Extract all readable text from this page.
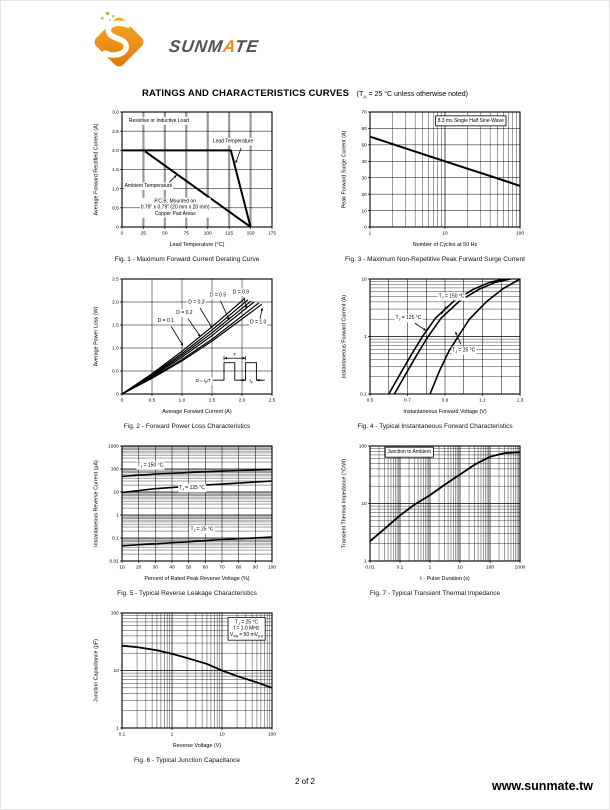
SUNMATE
RATINGS AND CHARACTERISTICS CURVES ($T_A = 25$ °C unless otherwise noted)
0	25	50	75	100	125	150	175
0
0.5
1.0
1.5
2.0
2.5
3.0
Lead Temperature (°C)
Average Forward Rectified Current (A)
Resistive or Inductive Load
Lead Temperature
Ambient Temperature
P.C.B. Mounted on
0.79" x 0.79" (20 mm x 20 mm)
Copper Pad Areas
Fig. 1 - Maximum Forward Current Derating Curve
1	10	100
0
10
20
30
40
50
60
70
Number of Cycles at 50 Hz
Peak Forward Surge Current (A)
8.3 ms Single Half Sine-Wave
Fig. 3 - Maximum Non-Repetitive Peak Forward Surge Current
0	0.5	1.0	1.5	2.0	2.5
0
0.5
1.0
1.5
2.0
2.5
Average Forward Current (A)
Average Power Loss (W)	D = 0.1
D = 0.2
D = 0.3
D = 0.5
D = 0.9
D = 1.0
T
$t_p$
$D = t_p/T$
Fig. 2 - Forward Power Loss Characteristics
0.5	0.7	0.9	1.1	1.3
0.1
1
10
Instantaneous Forward Voltage (V)
Instantaneous Forward Current (A)	$T_J = 150$ °C
$T_J = 125$ °C
$T_J = 25$ °C
Fig. 4 - Typical Instantaneous Forward Characteristics
10 20 30 40 50 60 70 80 90 100
0.01
0.1
1
10
100
1000
Percent of Rated Peak Reverse Voltage (%)
Instantaneous Reverse Current (µA)	$T_J = 150$ °C
$T_J = 125$ °C
$T_J = 25$ °C
Fig. 5 - Typical Reverse Leakage Characteristics
0.01	0.1	1	10	100	1000
1
10
100
t - Pulse Duration (s)
Transient Thermal Impedance (°C/W)
Junction to Ambient
Fig. 7 - Typical Transient Thermal Impedance
0.1	1	10	100
1
10
100
Reverse Voltage (V)
Junction Capacitance (pF)
$T_J = 25$ °C
f = 1.0 MHz
$V_{sig} = 50$ $mV_{p-p}$
Fig. 6 - Typical Junction Capacitance
2 of 2	www.sunmate.tw
